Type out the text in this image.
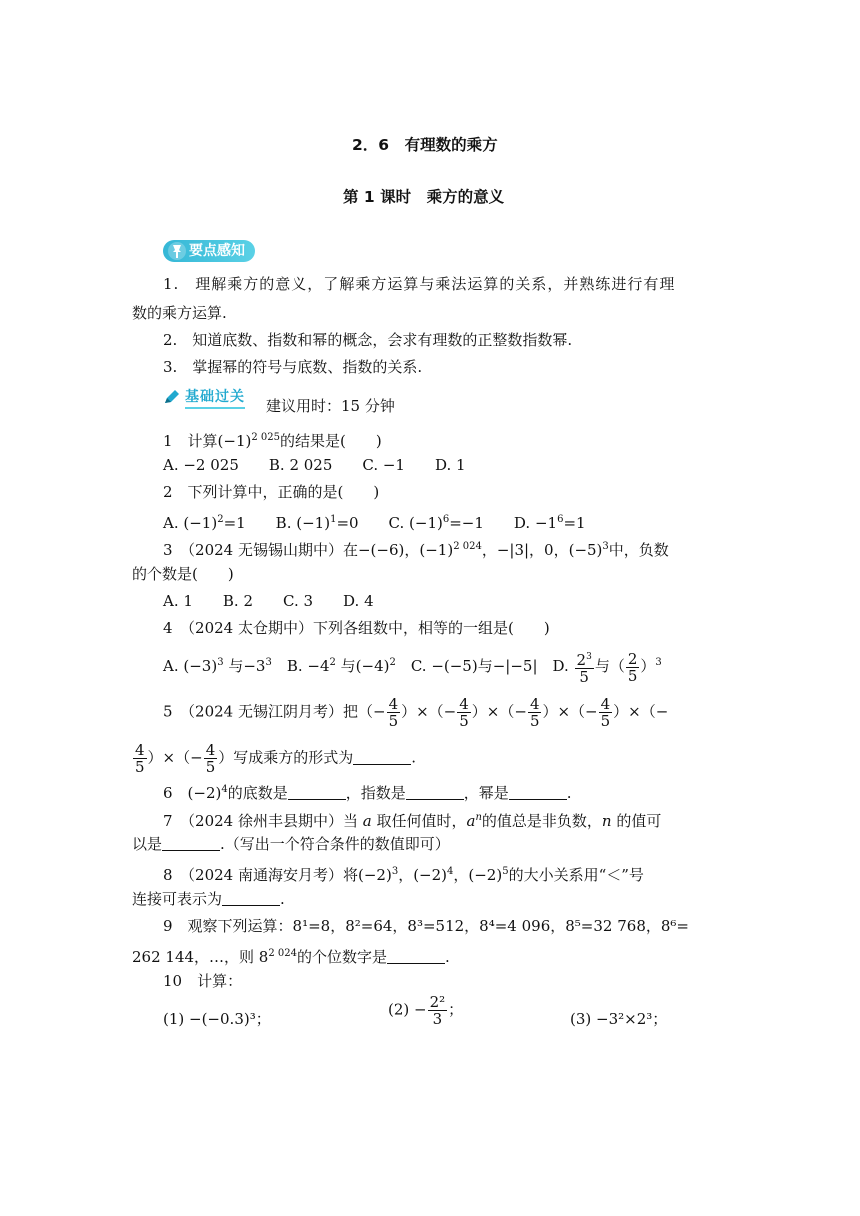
2．6　有理数的乘方
第 1 课时　乘方的意义
要点感知
1.　理解乘方的意义，了解乘方运算与乘法运算的关系，并熟练进行有理
数的乘方运算.
2.　知道底数、指数和幂的概念，会求有理数的正整数指数幂.
3.　掌握幂的符号与底数、指数的关系.
基础过关 建议用时：15 分钟
1　计算$(-1)^{2 025}$的结果是(　　)
A. −2 025　　B. 2 025　　C. −1　　D. 1
2　下列计算中，正确的是(　　)
A. $(-1)^2=1$　　B. $(-1)^1=0$　　C. $(-1)^6=-1$　　D. $-1^6=1$
3　（2024 无锡锡山期中）在−(−6)，$(-1)^{2 024}$，−|3|，0，$(-5)^3$中，负数
的个数是(　　)
A. 1　　B. 2　　C. 3　　D. 4
4　（2024 太仓期中）下列各组数中，相等的一组是(　　)
A. $(-3)^3$ 与$-3^3$　B. $-4^2$ 与$(-4)^2$　C. −(−5)与−|−5|　D. $\frac{2^3}{5}$ 与（ $\frac{2}{5} )^3$
5　（2024 无锡江阴月考）把（− $\frac{4}{5}$ ）×（− $\frac{4}{5}$ ）×（− $\frac{4}{5}$ ）×（− $\frac{4}{5}$ ）×（−
$\frac{4}{5}$ ）×（− $\frac{4}{5}$ ）写成乘方的形式为	.
6　$(-2)^4$的底数是	，指数是	，幂是	.
7　（2024 徐州丰县期中）当 a 取任何值时，$a^n$的值总是非负数，n 的值可
以是	.（写出一个符合条件的数值即可）
8　（2024 南通海安月考）将$(-2)^3$，$(-2)^4$，$(-2)^5$的大小关系用“＜”号
连接可表示为	.
9　观察下列运算：8¹=8，8²=64，8³=512，8⁴=4 096，8⁵=32 768，8⁶=
262 144，…，则 $8^{2 024}$的个位数字是	.
10　计算：
(1) −(−0.3)³；
$(2) - \frac{\text{2²}}{3}$ ；
(3) −3²×2³；
